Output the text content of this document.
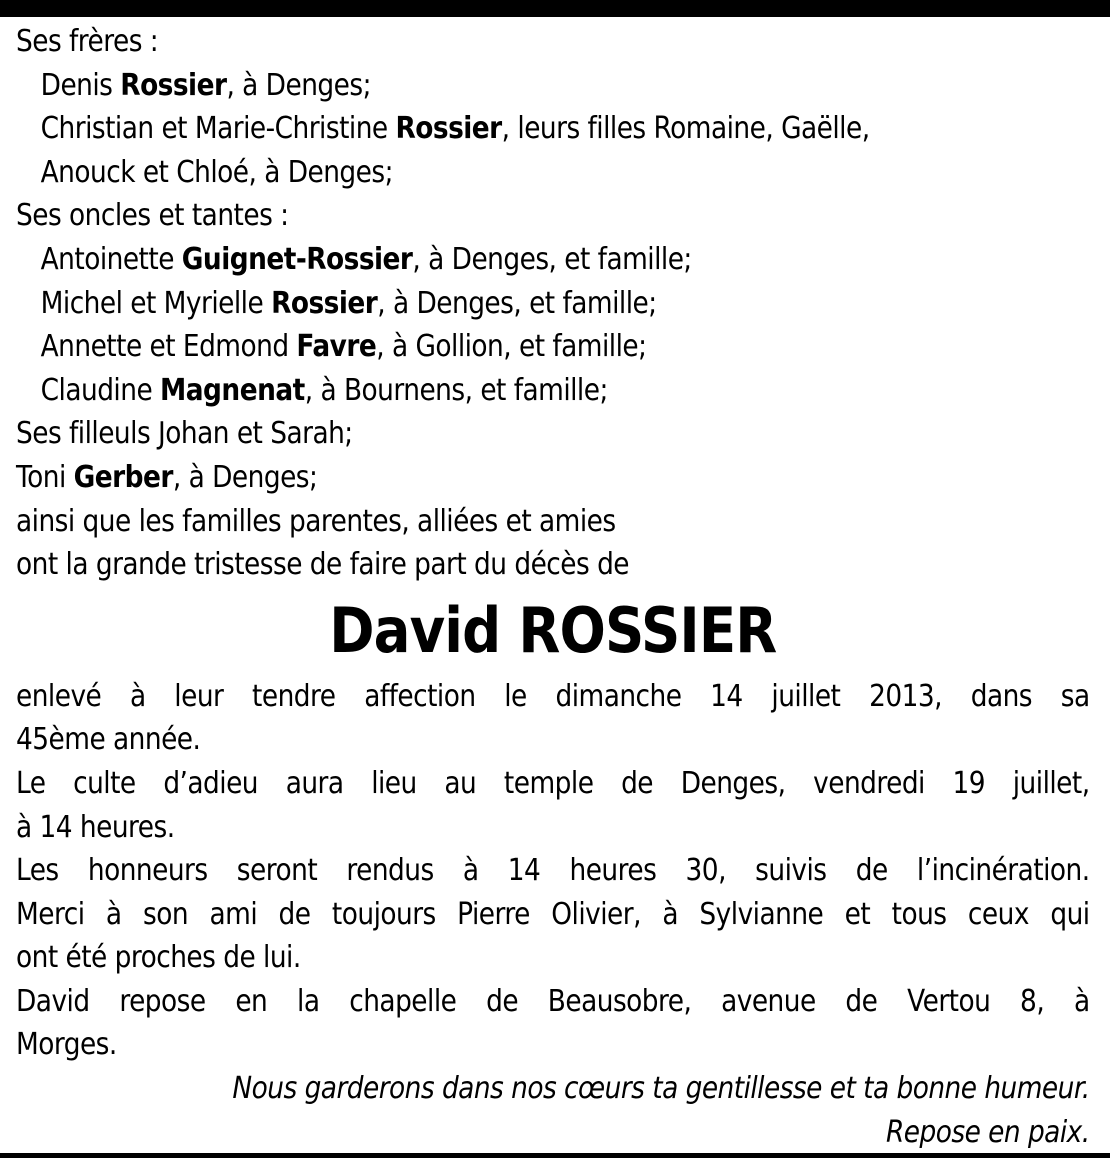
Ses frères :
Denis Rossier, à Denges;
Christian et Marie-Christine Rossier, leurs filles Romaine, Gaëlle,
Anouck et Chloé, à Denges;
Ses oncles et tantes :
Antoinette Guignet-Rossier, à Denges, et famille;
Michel et Myrielle Rossier, à Denges, et famille;
Annette et Edmond Favre, à Gollion, et famille;
Claudine Magnenat, à Bournens, et famille;
Ses filleuls Johan et Sarah;
Toni Gerber, à Denges;
ainsi que les familles parentes, alliées et amies
ont la grande tristesse de faire part du décès de
David ROSSIER
enlevé à leur tendre affection le dimanche 14 juillet 2013, dans sa
45ème année.
Le culte d’adieu aura lieu au temple de Denges, vendredi 19 juillet,
à 14 heures.
Les honneurs seront rendus à 14 heures 30, suivis de l’incinération.
Merci à son ami de toujours Pierre Olivier, à Sylvianne et tous ceux qui
ont été proches de lui.
David repose en la chapelle de Beausobre, avenue de Vertou 8, à
Morges.
Nous garderons dans nos cœurs ta gentillesse et ta bonne humeur.
Repose en paix.
